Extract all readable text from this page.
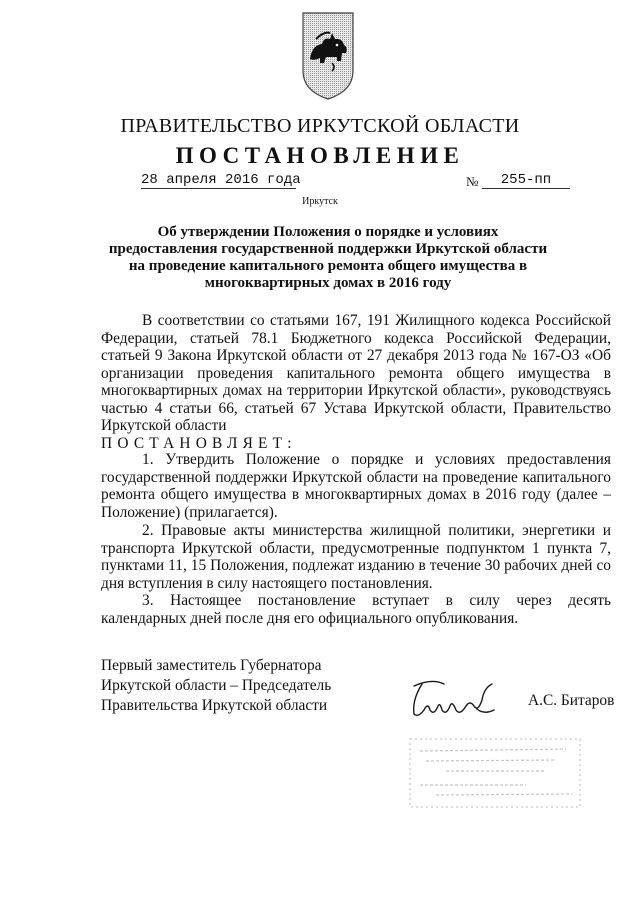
ПРАВИТЕЛЬСТВО ИРКУТСКОЙ ОБЛАСТИ
ПОСТАНОВЛЕНИЕ
28 апреля 2016 года	№	255-пп
Иркутск
Об утверждении Положения о порядке и условиях предоставления государственной поддержки Иркутской области на проведение капитального ремонта общего имущества в многоквартирных домах в 2016 году
В соответствии со статьями 167, 191 Жилищного кодекса Российской Федерации, статьей 78.1 Бюджетного кодекса Российской Федерации, статьей 9 Закона Иркутской области от 27 декабря 2013 года № 167-ОЗ «Об организации проведения капитального ремонта общего имущества в многоквартирных домах на территории Иркутской области», руководствуясь частью 4 статьи 66, статьей 67 Устава Иркутской области, Правительство Иркутской области
ПОСТАНОВЛЯЕТ:
1. Утвердить Положение о порядке и условиях предоставления государственной поддержки Иркутской области на проведение капитального ремонта общего имущества в многоквартирных домах в 2016 году (далее – Положение) (прилагается).
2. Правовые акты министерства жилищной политики, энергетики и транспорта Иркутской области, предусмотренные подпунктом 1 пункта 7, пунктами 11, 15 Положения, подлежат изданию в течение 30 рабочих дней со дня вступления в силу настоящего постановления.
3. Настоящее постановление вступает в силу через десять календарных дней после дня его официального опубликования.
Первый заместитель Губернатора
Иркутской области – Председатель
Правительства Иркутской области	А.С. Битаров
